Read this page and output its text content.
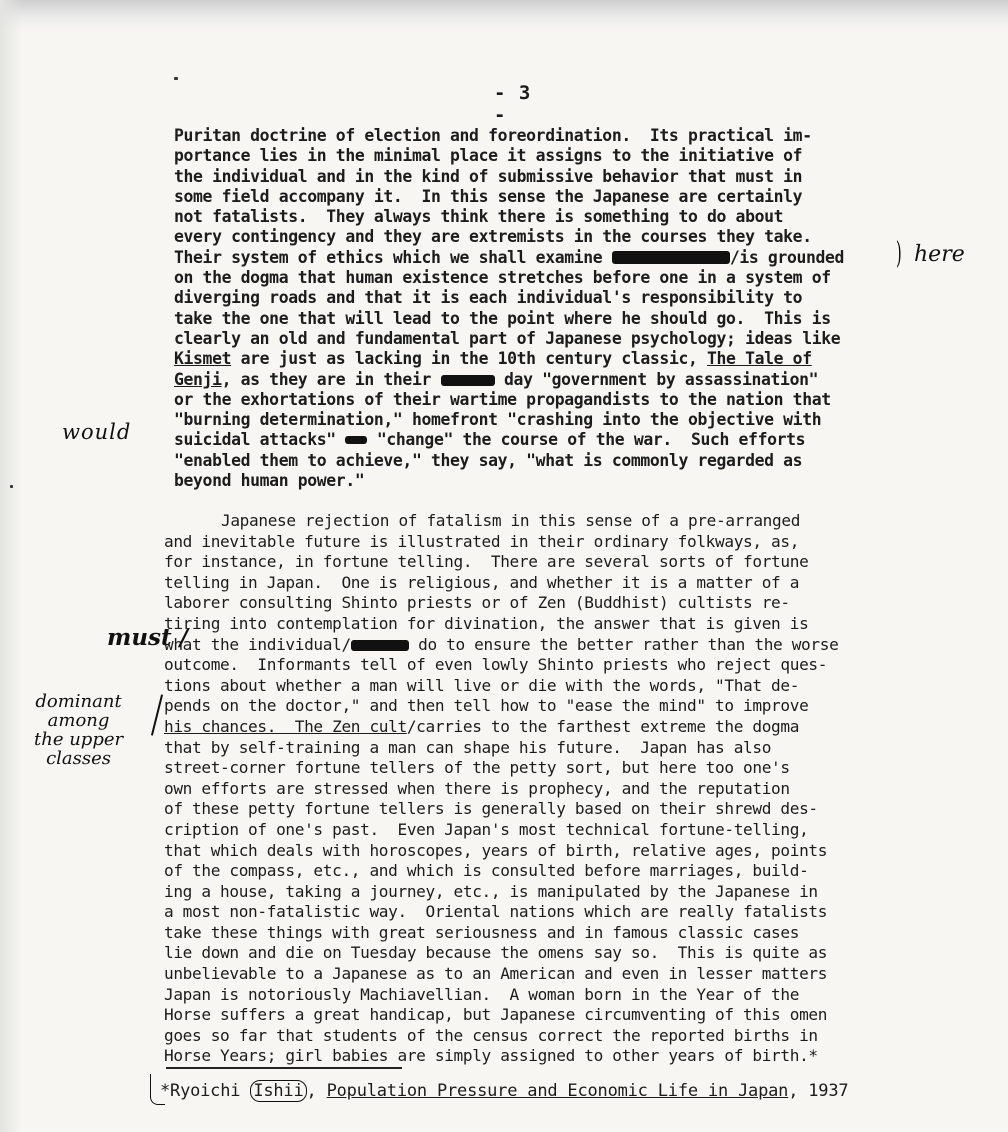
- 3 -
Puritan doctrine of election and foreordination.  Its practical im-
portance lies in the minimal place it assigns to the initiative of
the individual and in the kind of submissive behavior that must in
some field accompany it.  In this sense the Japanese are certainly
not fatalists.  They always think there is something to do about
every contingency and they are extremists in the courses they take.
Their system of ethics which we shall examine	/is grounded
on the dogma that human existence stretches before one in a system of
diverging roads and that it is each individual's responsibility to
take the one that will lead to the point where he should go.  This is
clearly an old and fundamental part of Japanese psychology; ideas like
Kismet are just as lacking in the 10th century classic, The Tale of
Genji, as they are in their	day "government by assassination"
or the exhortations of their wartime propagandists to the nation that
"burning determination," homefront "crashing into the objective with
suicidal attacks"  "change" the course of the war.  Such efforts
"enabled them to achieve," they say, "what is commonly regarded as
beyond human power."
Japanese rejection of fatalism in this sense of a pre-arranged
and inevitable future is illustrated in their ordinary folkways, as,
for instance, in fortune telling.  There are several sorts of fortune
telling in Japan.  One is religious, and whether it is a matter of a
laborer consulting Shinto priests or of Zen (Buddhist) cultists re-
tiring into contemplation for divination, the answer that is given is
what the individual/	do to ensure the better rather than the worse
outcome.  Informants tell of even lowly Shinto priests who reject ques-
tions about whether a man will live or die with the words, "That de-
pends on the doctor," and then tell how to "ease the mind" to improve
his chances.  The Zen cult/carries to the farthest extreme the dogma
that by self-training a man can shape his future.  Japan has also
street-corner fortune tellers of the petty sort, but here too one's
own efforts are stressed when there is prophecy, and the reputation
of these petty fortune tellers is generally based on their shrewd des-
cription of one's past.  Even Japan's most technical fortune-telling,
that which deals with horoscopes, years of birth, relative ages, points
of the compass, etc., and which is consulted before marriages, build-
ing a house, taking a journey, etc., is manipulated by the Japanese in
a most non-fatalistic way.  Oriental nations which are really fatalists
take these things with great seriousness and in famous classic cases
lie down and die on Tuesday because the omens say so.  This is quite as
unbelievable to a Japanese as to an American and even in lesser matters
Japan is notoriously Machiavellian.  A woman born in the Year of the
Horse suffers a great handicap, but Japanese circumventing of this omen
goes so far that students of the census correct the reported births in
Horse Years; girl babies are simply assigned to other years of birth.*
) here
would
must /
dominant
among
the upper
classes
*Ryoichi Ishii , Population Pressure and Economic Life in Japan, 1937
